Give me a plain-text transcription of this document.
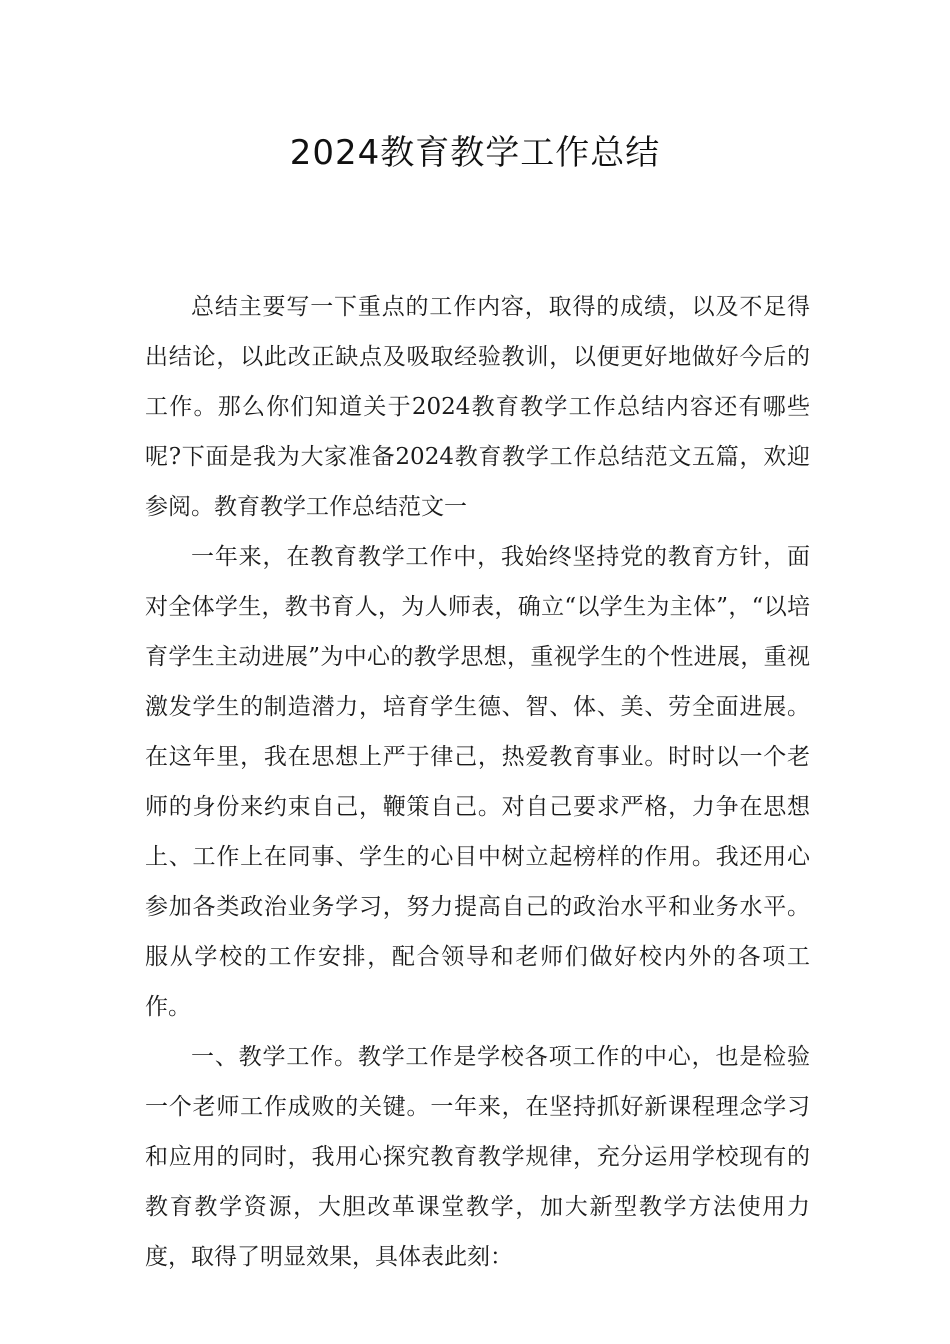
2024教育教学工作总结

总结主要写一下重点的工作内容，取得的成绩，以及不足得出结论，以此改正缺点及吸取经验教训，以便更好地做好今后的工作。那么你们知道关于2024教育教学工作总结内容还有哪些呢?下面是我为大家准备2024教育教学工作总结范文五篇，欢迎参阅。教育教学工作总结范文一

一年来，在教育教学工作中，我始终坚持党的教育方针，面对全体学生，教书育人，为人师表，确立“以学生为主体”，“以培育学生主动进展”为中心的教学思想，重视学生的个性进展，重视激发学生的制造潜力，培育学生德、智、体、美、劳全面进展。在这年里，我在思想上严于律己，热爱教育事业。时时以一个老师的身份来约束自己，鞭策自己。对自己要求严格，力争在思想上、工作上在同事、学生的心目中树立起榜样的作用。我还用心参加各类政治业务学习，努力提高自己的政治水平和业务水平。服从学校的工作安排，配合领导和老师们做好校内外的各项工作。

一、教学工作。教学工作是学校各项工作的中心，也是检验一个老师工作成败的关键。一年来，在坚持抓好新课程理念学习和应用的同时，我用心探究教育教学规律，充分运用学校现有的教育教学资源，大胆改革课堂教学，加大新型教学方法使用力度，取得了明显效果，具体表此刻：
